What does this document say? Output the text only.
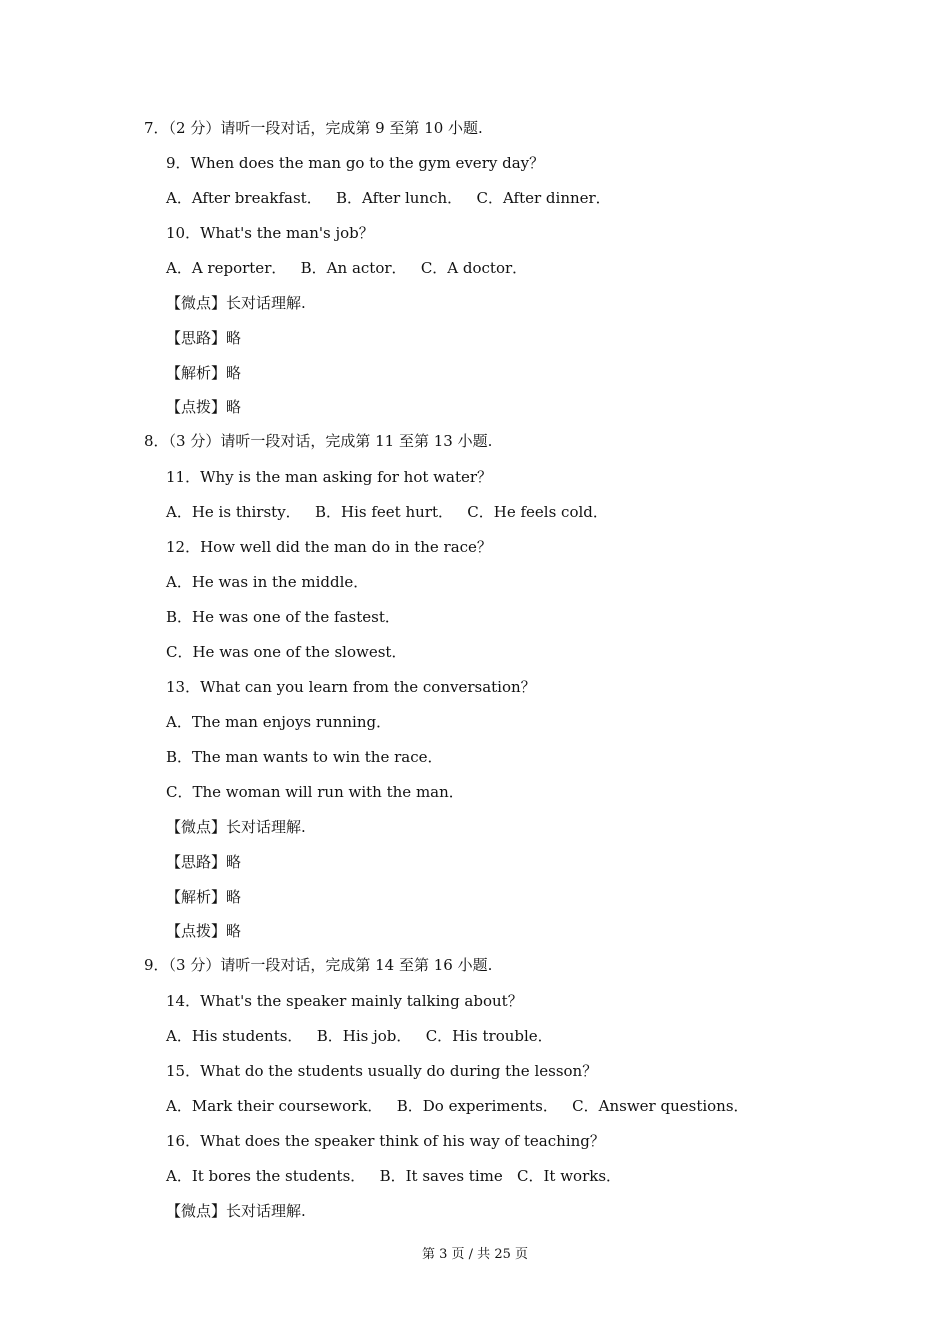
7．（2 分）请听一段对话，完成第 9 至第 10 小题.
9．When does the man go to the gym every day？
A．After breakfast．   B．After lunch．   C．After dinner．
10．What's the man's job？
A．A reporter．   B．An actor．   C．A doctor．
【微点】长对话理解.
【思路】略
【解析】略
【点拨】略
8．（3 分）请听一段对话，完成第 11 至第 13 小题.
11．Why is the man asking for hot water？
A．He is thirsty．   B．His feet hurt．   C．He feels cold．
12．How well did the man do in the race？
A．He was in the middle．
B．He was one of the fastest．
C．He was one of the slowest．
13．What can you learn from the conversation？
A．The man enjoys running．
B．The man wants to win the race．
C．The woman will run with the man．
【微点】长对话理解.
【思路】略
【解析】略
【点拨】略
9．（3 分）请听一段对话，完成第 14 至第 16 小题.
14．What's the speaker mainly talking about？
A．His students．   B．His job．   C．His trouble．
15．What do the students usually do during the lesson？
A．Mark their coursework．   B．Do experiments．   C．Answer questions．
16．What does the speaker think of his way of teaching？
A．It bores the students．   B．It saves time   C．It works．
【微点】长对话理解.
第 3 页 / 共 25 页
